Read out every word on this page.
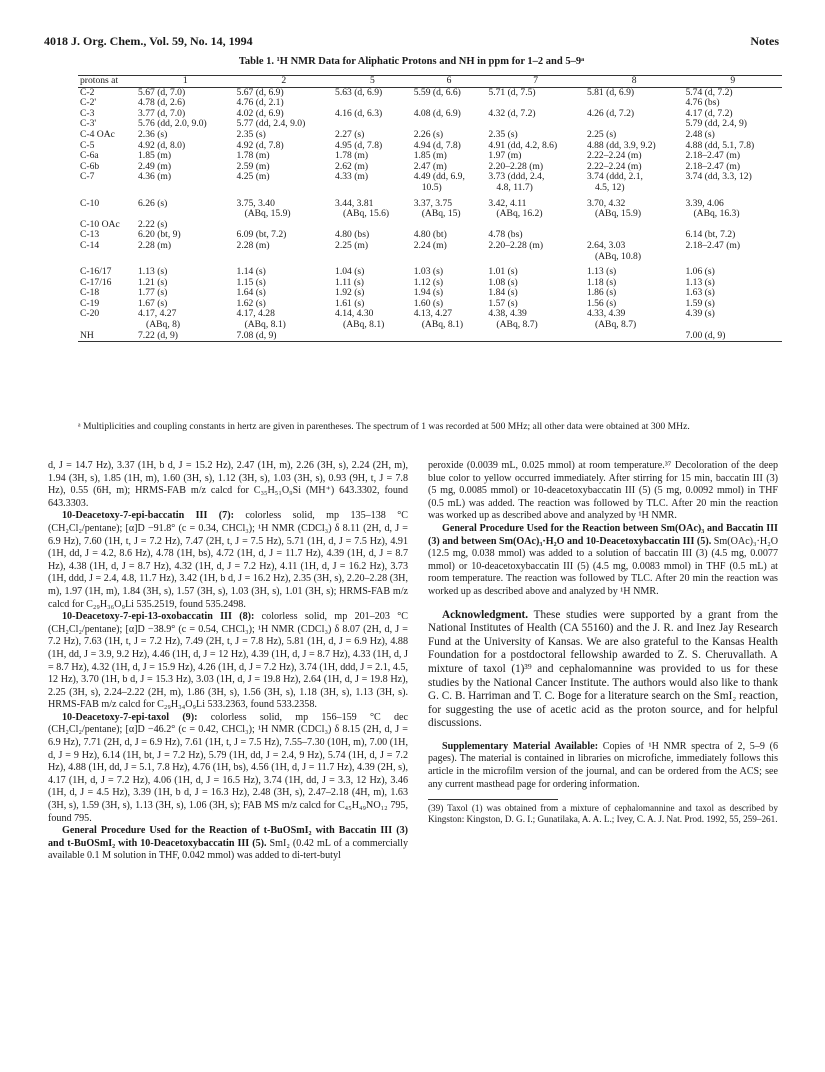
4018 J. Org. Chem., Vol. 59, No. 14, 1994	Notes
Table 1. ¹H NMR Data for Aliphatic Protons and NH in ppm for 1–2 and 5–9ᵃ
protons at	1	2	5	6	7	8	9
C-2	5.67 (d, 7.0)	5.67 (d, 6.9)	5.63 (d, 6.9)	5.59 (d, 6.6)	5.71 (d, 7.5)	5.81 (d, 6.9)	5.74 (d, 7.2)
C-2'	4.78 (d, 2.6)	4.76 (d, 2.1)					4.76 (bs)
C-3	3.77 (d, 7.0)	4.02 (d, 6.9)	4.16 (d, 6.3)	4.08 (d, 6.9)	4.32 (d, 7.2)	4.26 (d, 7.2)	4.17 (d, 7.2)
C-3'	5.76 (dd, 2.0, 9.0)	5.77 (dd, 2.4, 9.0)					5.79 (dd, 2.4, 9)
C-4 OAc	2.36 (s)	2.35 (s)	2.27 (s)	2.26 (s)	2.35 (s)	2.25 (s)	2.48 (s)
C-5	4.92 (d, 8.0)	4.92 (d, 7.8)	4.95 (d, 7.8)	4.94 (d, 7.8)	4.91 (dd, 4.2, 8.6)	4.88 (dd, 3.9, 9.2)	4.88 (dd, 5.1, 7.8)
C-6a	1.85 (m)	1.78 (m)	1.78 (m)	1.85 (m)	1.97 (m)	2.22–2.24 (m)	2.18–2.47 (m)
C-6b	2.49 (m)	2.59 (m)	2.62 (m)	2.47 (m)	2.20–2.28 (m)	2.22–2.24 (m)	2.18–2.47 (m)
C-7	4.36 (m)	4.25 (m)	4.33 (m)	4.49 (dd, 6.9,	3.73 (ddd, 2.4,	3.74 (ddd, 2.1,	3.74 (dd, 3.3, 12)
				10.5)	4.8, 11.7)	4.5, 12)	
C-10	6.26 (s)	3.75, 3.40	3.44, 3.81	3.37, 3.75	3.42, 4.11	3.70, 4.32	3.39, 4.06
		(ABq, 15.9)	(ABq, 15.6)	(ABq, 15)	(ABq, 16.2)	(ABq, 15.9)	(ABq, 16.3)
C-10 OAc	2.22 (s)						
C-13	6.20 (bt, 9)	6.09 (bt, 7.2)	4.80 (bs)	4.80 (bt)	4.78 (bs)		6.14 (bt, 7.2)
C-14	2.28 (m)	2.28 (m)	2.25 (m)	2.24 (m)	2.20–2.28 (m)	2.64, 3.03	2.18–2.47 (m)
						(ABq, 10.8)	
C-16/17	1.13 (s)	1.14 (s)	1.04 (s)	1.03 (s)	1.01 (s)	1.13 (s)	1.06 (s)
C-17/16	1.21 (s)	1.15 (s)	1.11 (s)	1.12 (s)	1.08 (s)	1.18 (s)	1.13 (s)
C-18	1.77 (s)	1.64 (s)	1.92 (s)	1.94 (s)	1.84 (s)	1.86 (s)	1.63 (s)
C-19	1.67 (s)	1.62 (s)	1.61 (s)	1.60 (s)	1.57 (s)	1.56 (s)	1.59 (s)
C-20	4.17, 4.27	4.17, 4.28	4.14, 4.30	4.13, 4.27	4.38, 4.39	4.33, 4.39	4.39 (s)
	(ABq, 8)	(ABq, 8.1)	(ABq, 8.1)	(ABq, 8.1)	(ABq, 8.7)	(ABq, 8.7)	
NH	7.22 (d, 9)	7.08 (d, 9)					7.00 (d, 9)
ᵃ Multiplicities and coupling constants in hertz are given in parentheses. The spectrum of 1 was recorded at 500 MHz; all other data were obtained at 300 MHz.

d, J = 14.7 Hz), 3.37 (1H, b d, J = 15.2 Hz), 2.47 (1H, m), 2.26 (3H, s), 2.24 (2H, m), 1.94 (3H, s), 1.85 (1H, m), 1.60 (3H, s), 1.12 (3H, s), 1.03 (3H, s), 0.93 (9H, t, J = 7.8 Hz), 0.55 (6H, m); HRMS-FAB m/z calcd for C₃₅H₅₁O₉Si (MH⁺) 643.3302, found 643.3303.

10-Deacetoxy-7-epi-baccatin III (7): colorless solid, mp 135–138 °C (CH₂Cl₂/pentane); [α]D −91.8° (c = 0.34, CHCl₃); ¹H NMR (CDCl₃) δ 8.11 (2H, d, J = 6.9 Hz), 7.60 (1H, t, J = 7.2 Hz), 7.47 (2H, t, J = 7.5 Hz), 5.71 (1H, d, J = 7.5 Hz), 4.91 (1H, dd, J = 4.2, 8.6 Hz), 4.78 (1H, bs), 4.72 (1H, d, J = 11.7 Hz), 4.39 (1H, d, J = 8.7 Hz), 4.38 (1H, d, J = 8.7 Hz), 4.32 (1H, d, J = 7.2 Hz), 4.11 (1H, d, J = 16.2 Hz), 3.73 (1H, ddd, J = 2.4, 4.8, 11.7 Hz), 3.42 (1H, b d, J = 16.2 Hz), 2.35 (3H, s), 2.20–2.28 (3H, m), 1.97 (1H, m), 1.84 (3H, s), 1.57 (3H, s), 1.03 (3H, s), 1.01 (3H, s); HRMS-FAB m/z calcd for C₂₉H₃₆O₉Li 535.2519, found 535.2498.

10-Deacetoxy-7-epi-13-oxobaccatin III (8): colorless solid, mp 201–203 °C (CH₂Cl₂/pentane); [α]D −38.9° (c = 0.54, CHCl₃); ¹H NMR (CDCl₃) δ 8.07 (2H, d, J = 7.2 Hz), 7.63 (1H, t, J = 7.2 Hz), 7.49 (2H, t, J = 7.8 Hz), 5.81 (1H, d, J = 6.9 Hz), 4.88 (1H, dd, J = 3.9, 9.2 Hz), 4.46 (1H, d, J = 12 Hz), 4.39 (1H, d, J = 8.7 Hz), 4.33 (1H, d, J = 8.7 Hz), 4.32 (1H, d, J = 15.9 Hz), 4.26 (1H, d, J = 7.2 Hz), 3.74 (1H, ddd, J = 2.1, 4.5, 12 Hz), 3.70 (1H, b d, J = 15.3 Hz), 3.03 (1H, d, J = 19.8 Hz), 2.64 (1H, d, J = 19.8 Hz), 2.25 (3H, s), 2.24–2.22 (2H, m), 1.86 (3H, s), 1.56 (3H, s), 1.18 (3H, s), 1.13 (3H, s). HRMS-FAB m/z calcd for C₂₉H₃₄O₉Li 533.2363, found 533.2358.

10-Deacetoxy-7-epi-taxol (9): colorless solid, mp 156–159 °C dec (CH₂Cl₂/pentane); [α]D −46.2° (c = 0.42, CHCl₃); ¹H NMR (CDCl₃) δ 8.15 (2H, d, J = 6.9 Hz), 7.71 (2H, d, J = 6.9 Hz), 7.61 (1H, t, J = 7.5 Hz), 7.55–7.30 (10H, m), 7.00 (1H, d, J = 9 Hz), 6.14 (1H, bt, J = 7.2 Hz), 5.79 (1H, dd, J = 2.4, 9 Hz), 5.74 (1H, d, J = 7.2 Hz), 4.88 (1H, dd, J = 5.1, 7.8 Hz), 4.76 (1H, bs), 4.56 (1H, d, J = 11.7 Hz), 4.39 (2H, s), 4.17 (1H, d, J = 7.2 Hz), 4.06 (1H, d, J = 16.5 Hz), 3.74 (1H, dd, J = 3.3, 12 Hz), 3.46 (1H, d, J = 4.5 Hz), 3.39 (1H, b d, J = 16.3 Hz), 2.48 (3H, s), 2.47–2.18 (4H, m), 1.63 (3H, s), 1.59 (3H, s), 1.13 (3H, s), 1.06 (3H, s); FAB MS m/z calcd for C₄₅H₄₉NO₁₂ 795, found 795.

General Procedure Used for the Reaction of t-BuOSmI₂ with Baccatin III (3) and t-BuOSmI₂ with 10-Deacetoxybaccatin III (5). SmI₂ (0.42 mL of a commercially available 0.1 M solution in THF, 0.042 mmol) was added to di-tert-butyl

peroxide (0.0039 mL, 0.025 mmol) at room temperature.³⁷ Decoloration of the deep blue color to yellow occurred immediately. After stirring for 15 min, baccatin III (3) (5 mg, 0.0085 mmol) or 10-deacetoxybaccatin III (5) (5 mg, 0.0092 mmol) in THF (0.5 mL) was added. The reaction was followed by TLC. After 20 min the reaction was worked up as described above and analyzed by ¹H NMR.

General Procedure Used for the Reaction between Sm(OAc)₃ and Baccatin III (3) and between Sm(OAc)₃·H₂O and 10-Deacetoxybaccatin III (5). Sm(OAc)₃·H₂O (12.5 mg, 0.038 mmol) was added to a solution of baccatin III (3) (4.5 mg, 0.0077 mmol) or 10-deacetoxybaccatin III (5) (4.5 mg, 0.0083 mmol) in THF (0.5 mL) at room temperature. The reaction was followed by TLC. After 20 min the reaction was worked up as described above and analyzed by ¹H NMR.

Acknowledgment. These studies were supported by a grant from the National Institutes of Health (CA 55160) and the J. R. and Inez Jay Research Fund at the University of Kansas. We are also grateful to the Kansas Health Foundation for a postdoctoral fellowship awarded to Z. S. Cheruvallath. A mixture of taxol (1)³⁹ and cephalomannine was provided to us for these studies by the National Cancer Institute. The authors would also like to thank G. C. B. Harriman and T. C. Boge for a literature search on the SmI₂ reaction, for suggesting the use of acetic acid as the proton source, and for helpful discussions.

Supplementary Material Available: Copies of ¹H NMR spectra of 2, 5–9 (6 pages). The material is contained in libraries on microfiche, immediately follows this article in the microfilm version of the journal, and can be ordered from the ACS; see any current masthead page for ordering information.

(39) Taxol (1) was obtained from a mixture of cephalomannine and taxol as described by Kingston: Kingston, D. G. I.; Gunatilaka, A. A. L.; Ivey, C. A. J. Nat. Prod. 1992, 55, 259–261.
